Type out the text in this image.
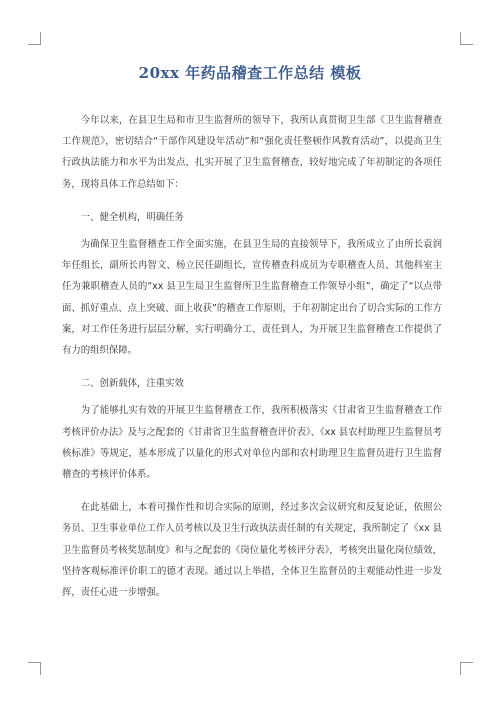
20xx 年药品稽查工作总结 模板

今年以来，在县卫生局和市卫生监督所的领导下，我所认真贯彻卫生部《卫生监督稽查工作规范》，密切结合“干部作风建设年活动”和“强化责任整顿作风教育活动”，以提高卫生行政执法能力和水平为出发点，扎实开展了卫生监督稽查，较好地完成了年初制定的各项任务，现将具体工作总结如下：

一、健全机构，明确任务

为确保卫生监督稽查工作全面实施，在县卫生局的直接领导下，我所成立了由所长袁润年任组长，副所长冉智文、杨立民任副组长，宣传稽查科成员为专职稽查人员、其他科室主任为兼职稽查人员的“xx 县卫生局卫生监督所卫生监督稽查工作领导小组”，确定了“以点带面、抓好重点、点上突破、面上收获”的稽查工作原则，于年初制定出台了切合实际的工作方案，对工作任务进行层层分解，实行明确分工、责任到人，为开展卫生监督稽查工作提供了有力的组织保障。

二、创新载体，注重实效

为了能够扎实有效的开展卫生监督稽查工作，我所积极落实《甘肃省卫生监督稽查工作考核评价办法》及与之配套的《甘肃省卫生监督稽查评价表》、《xx 县农村助理卫生监督员考核标准》等规定，基本形成了以量化的形式对单位内部和农村助理卫生监督员进行卫生监督稽查的考核评价体系。

在此基础上，本着可操作性和切合实际的原则，经过多次会议研究和反复论证，依照公务员、卫生事业单位工作人员考核以及卫生行政执法责任制的有关规定，我所制定了《xx 县卫生监督员考核奖惩制度》和与之配套的《岗位量化考核评分表》，考核突出量化岗位绩效，坚持客观标准评价职工的德才表现。通过以上举措，全体卫生监督员的主观能动性进一步发挥，责任心进一步增强。
